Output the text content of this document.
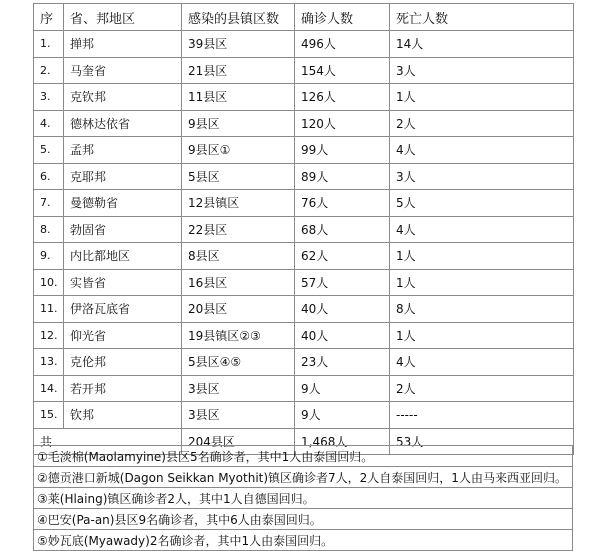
序	省、邦地区	感染的县镇区数	确诊人数	死亡人数
1.	掸邦	39县区	496人	14人
2.	马奎省	21县区	154人	3人
3.	克钦邦	11县区	126人	1人
4.	德林达依省	9县区	120人	2人
5.	孟邦	9县区①	99人	4人
6.	克耶邦	5县区	89人	3人
7.	曼德勒省	12县镇区	76人	5人
8.	勃固省	22县区	68人	4人
9.	内比都地区	8县区	62人	1人
10.	实皆省	16县区	57人	1人
11.	伊洛瓦底省	20县区	40人	8人
12.	仰光省	19县镇区②③	40人	1人
13.	克伦邦	5县区④⑤	23人	4人
14.	若开邦	3县区	9人	2人
15.	钦邦	3县区	9人	-----
共		204县区	1,468人	53人
①毛淡棉(Maolamyine)县区5名确诊者，其中1人由泰国回归。
②德贡港口新城(Dagon Seikkan Myothit)镇区确诊者7人，2人自泰国回归，1人由马来西亚回归。
③莱(Hlaing)镇区确诊者2人，其中1人自德国回归。
④巴安(Pa-an)县区9名确诊者，其中6人由泰国回归。
⑤妙瓦底(Myawady)2名确诊者，其中1人由泰国回归。
